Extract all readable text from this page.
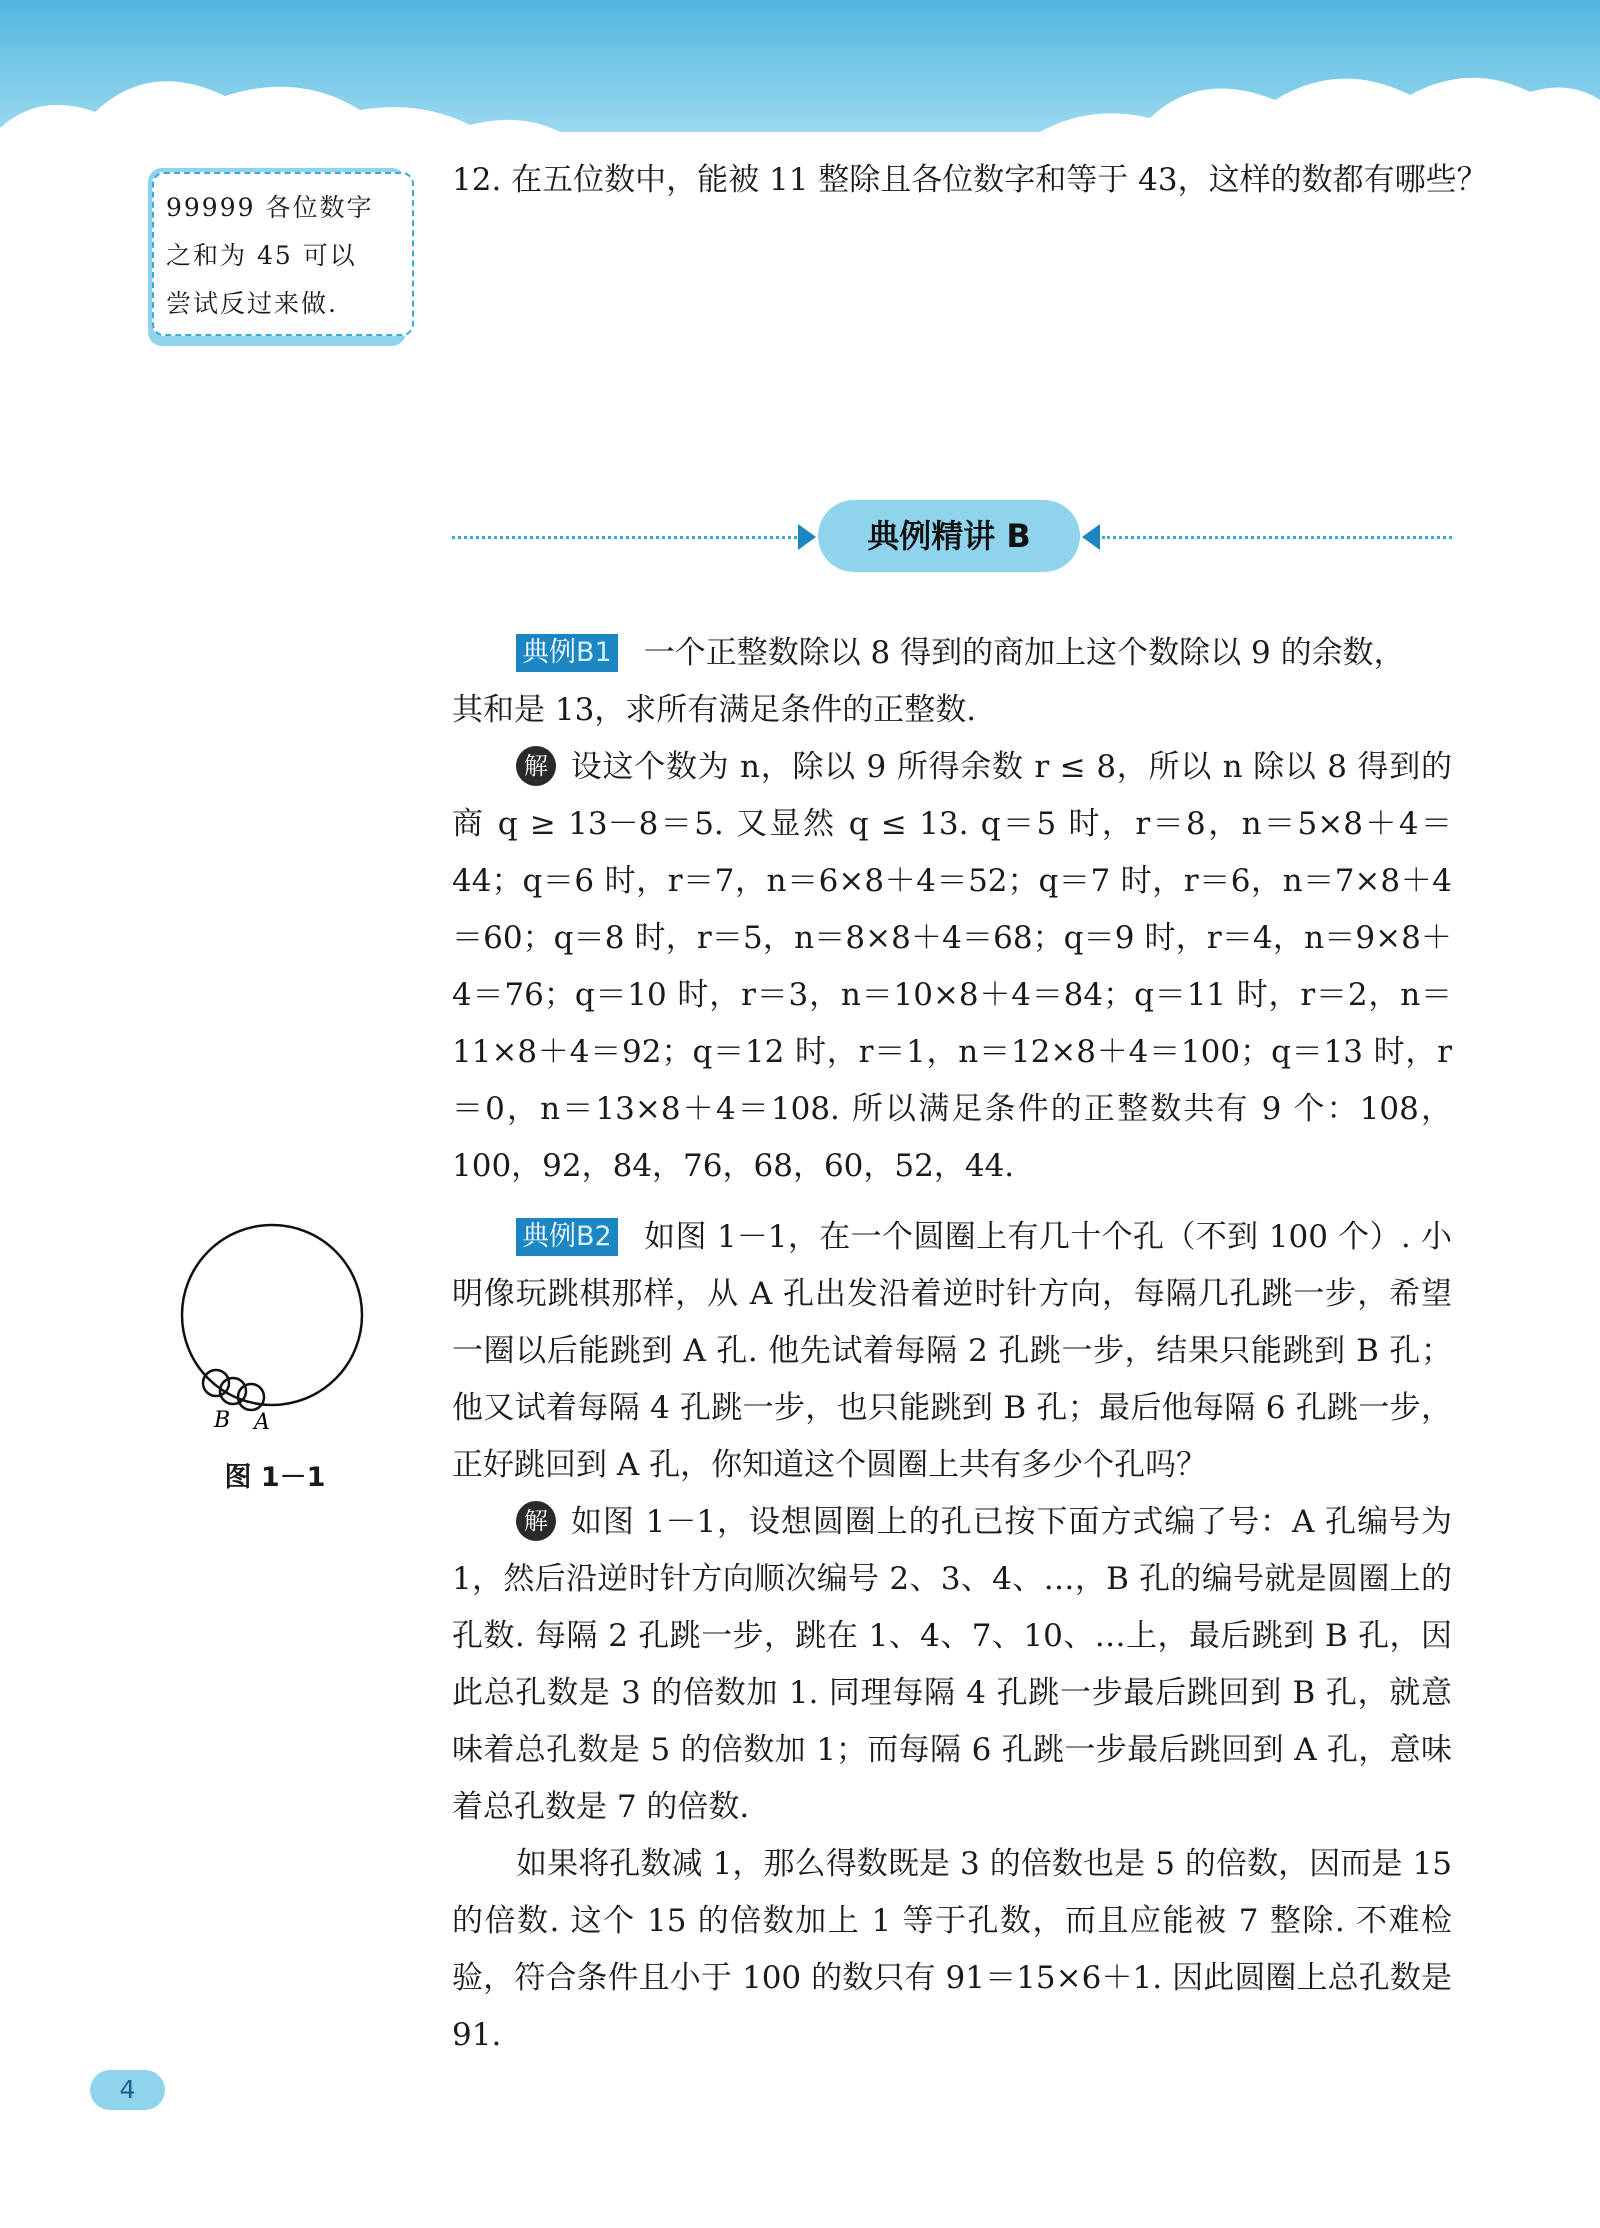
99999 各位数字
之和为 45 可以
尝试反过来做.
12. 在五位数中，能被 11 整除且各位数字和等于 43，这样的数都有哪些？
典例精讲 B

典例B1 一个正整数除以 8 得到的商加上这个数除以 9 的余数，
其和是 13，求所有满足条件的正整数.

解 设这个数为 n，除以 9 所得余数 r ≤ 8，所以 n 除以 8 得到的商 q ≥ 13－8＝5. 又显然 q ≤ 13. q＝5 时，r＝8，n＝5×8＋4＝44；q＝6 时，r＝7，n＝6×8＋4＝52；q＝7 时，r＝6，n＝7×8＋4＝60；q＝8 时，r＝5，n＝8×8＋4＝68；q＝9 时，r＝4，n＝9×8＋4＝76；q＝10 时，r＝3，n＝10×8＋4＝84；q＝11 时，r＝2，n＝11×8＋4＝92；q＝12 时，r＝1，n＝12×8＋4＝100；q＝13 时，r＝0，n＝13×8＋4＝108. 所以满足条件的正整数共有 9 个：108，100，92，84，76，68，60，52，44.

典例B2 如图 1－1，在一个圆圈上有几十个孔（不到 100 个）. 小明像玩跳棋那样，从 A 孔出发沿着逆时针方向，每隔几孔跳一步，希望一圈以后能跳到 A 孔. 他先试着每隔 2 孔跳一步，结果只能跳到 B 孔；他又试着每隔 4 孔跳一步，也只能跳到 B 孔；最后他每隔 6 孔跳一步，正好跳回到 A 孔，你知道这个圆圈上共有多少个孔吗？

解 如图 1－1，设想圆圈上的孔已按下面方式编了号：A 孔编号为 1，然后沿逆时针方向顺次编号 2、3、4、…，B 孔的编号就是圆圈上的孔数. 每隔 2 孔跳一步，跳在 1、4、7、10、…上，最后跳到 B 孔，因此总孔数是 3 的倍数加 1. 同理每隔 4 孔跳一步最后跳回到 B 孔，就意味着总孔数是 5 的倍数加 1；而每隔 6 孔跳一步最后跳回到 A 孔，意味着总孔数是 7 的倍数.

如果将孔数减 1，那么得数既是 3 的倍数也是 5 的倍数，因而是 15 的倍数. 这个 15 的倍数加上 1 等于孔数，而且应能被 7 整除. 不难检验，符合条件且小于 100 的数只有 91＝15×6＋1. 因此圆圈上总孔数是 91.

B A
图 1－1
4
